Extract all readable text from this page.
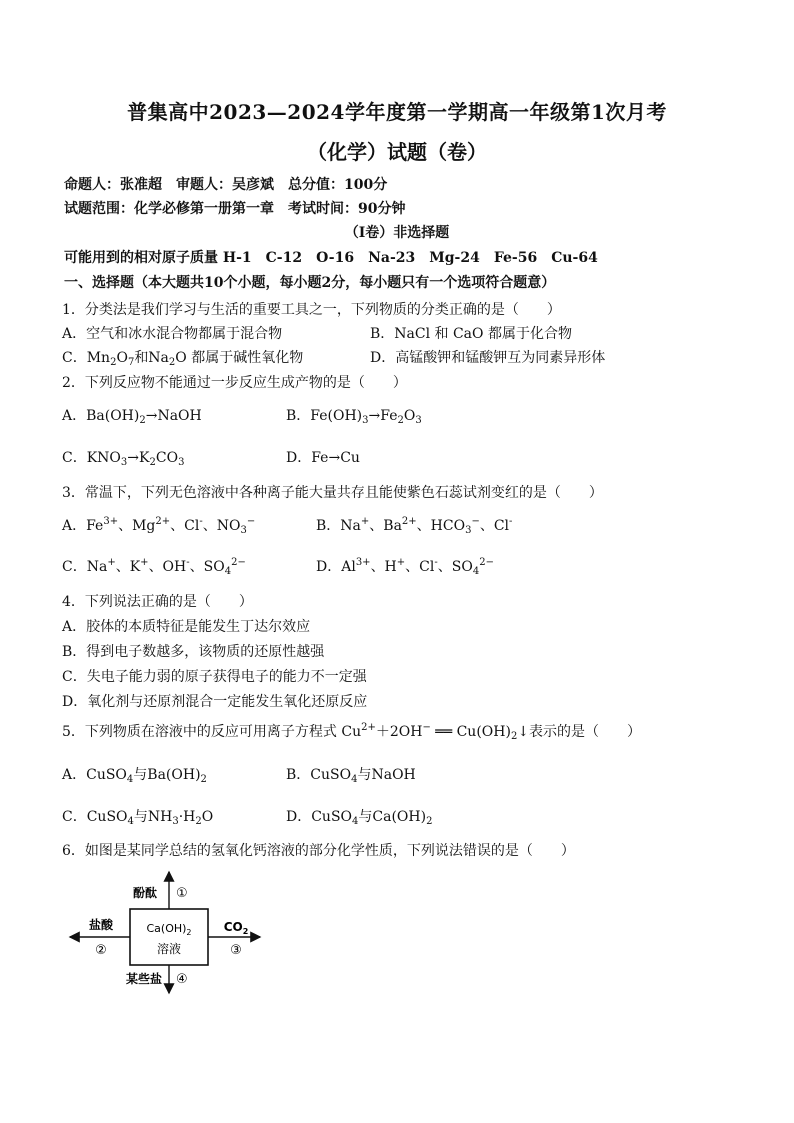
普集高中2023—2024学年度第一学期高一年级第1次月考
（化学）试题（卷）
命题人：张准超　审题人：吴彦斌　总分值：100分
试题范围：化学必修第一册第一章　考试时间：90分钟
（Ⅰ卷）非选择题
可能用到的相对原子质量 H-1　C-12　O-16　Na-23　Mg-24　Fe-56　Cu-64
一、选择题（本大题共10个小题，每小题2分，每小题只有一个选项符合题意）
1．分类法是我们学习与生活的重要工具之一，下列物质的分类正确的是（　　）
A．空气和冰水混合物都属于混合物	B．NaCl 和 CaO 都属于化合物
C．$Mn_2O_7$和$Na_2O$ 都属于碱性氧化物	D．高锰酸钾和锰酸钾互为同素异形体
2．下列反应物不能通过一步反应生成产物的是（　　）
A．$Ba(OH)_2\to NaOH$	B．$Fe(OH)_3\to Fe_2O_3$
C．$KNO_3\to K_2CO_3$	D．Fe→Cu
3．常温下，下列无色溶液中各种离子能大量共存且能使紫色石蕊试剂变红的是（　　）
A．$Fe^{3+}$、$Mg^{2+}$、Cl-、$NO_3^-$	B．Na+、$Ba^{2+}$、$HCO_3^-$、Cl-
C．Na+、K+、OH-、$SO_4^{2-}$	D．$Al^{3+}$、H+、Cl-、$SO_4^{2-}$
4．下列说法正确的是（　　）
A．胶体的本质特征是能发生丁达尔效应
B．得到电子数越多，该物质的还原性越强
C．失电子能力弱的原子获得电子的能力不一定强
D．氧化剂与还原剂混合一定能发生氧化还原反应
5．下列物质在溶液中的反应可用离子方程式 $Cu^{2+}+2OH^-$ ══ $Cu(OH)_2↓$表示的是（　　）
A．CuSO$_4$与$Ba(OH)_2$	B．CuSO$_4$与NaOH
C．CuSO$_4$与$NH_3\cdot H_2O$	D．CuSO$_4$与$Ca(OH)_2$
6．如图是某同学总结的氢氧化钙溶液的部分化学性质，下列说法错误的是（　　）
$Ca(OH)_2$
溶液
酚酞 ①
盐酸
②
$CO_2$
③
某些盐 ④
